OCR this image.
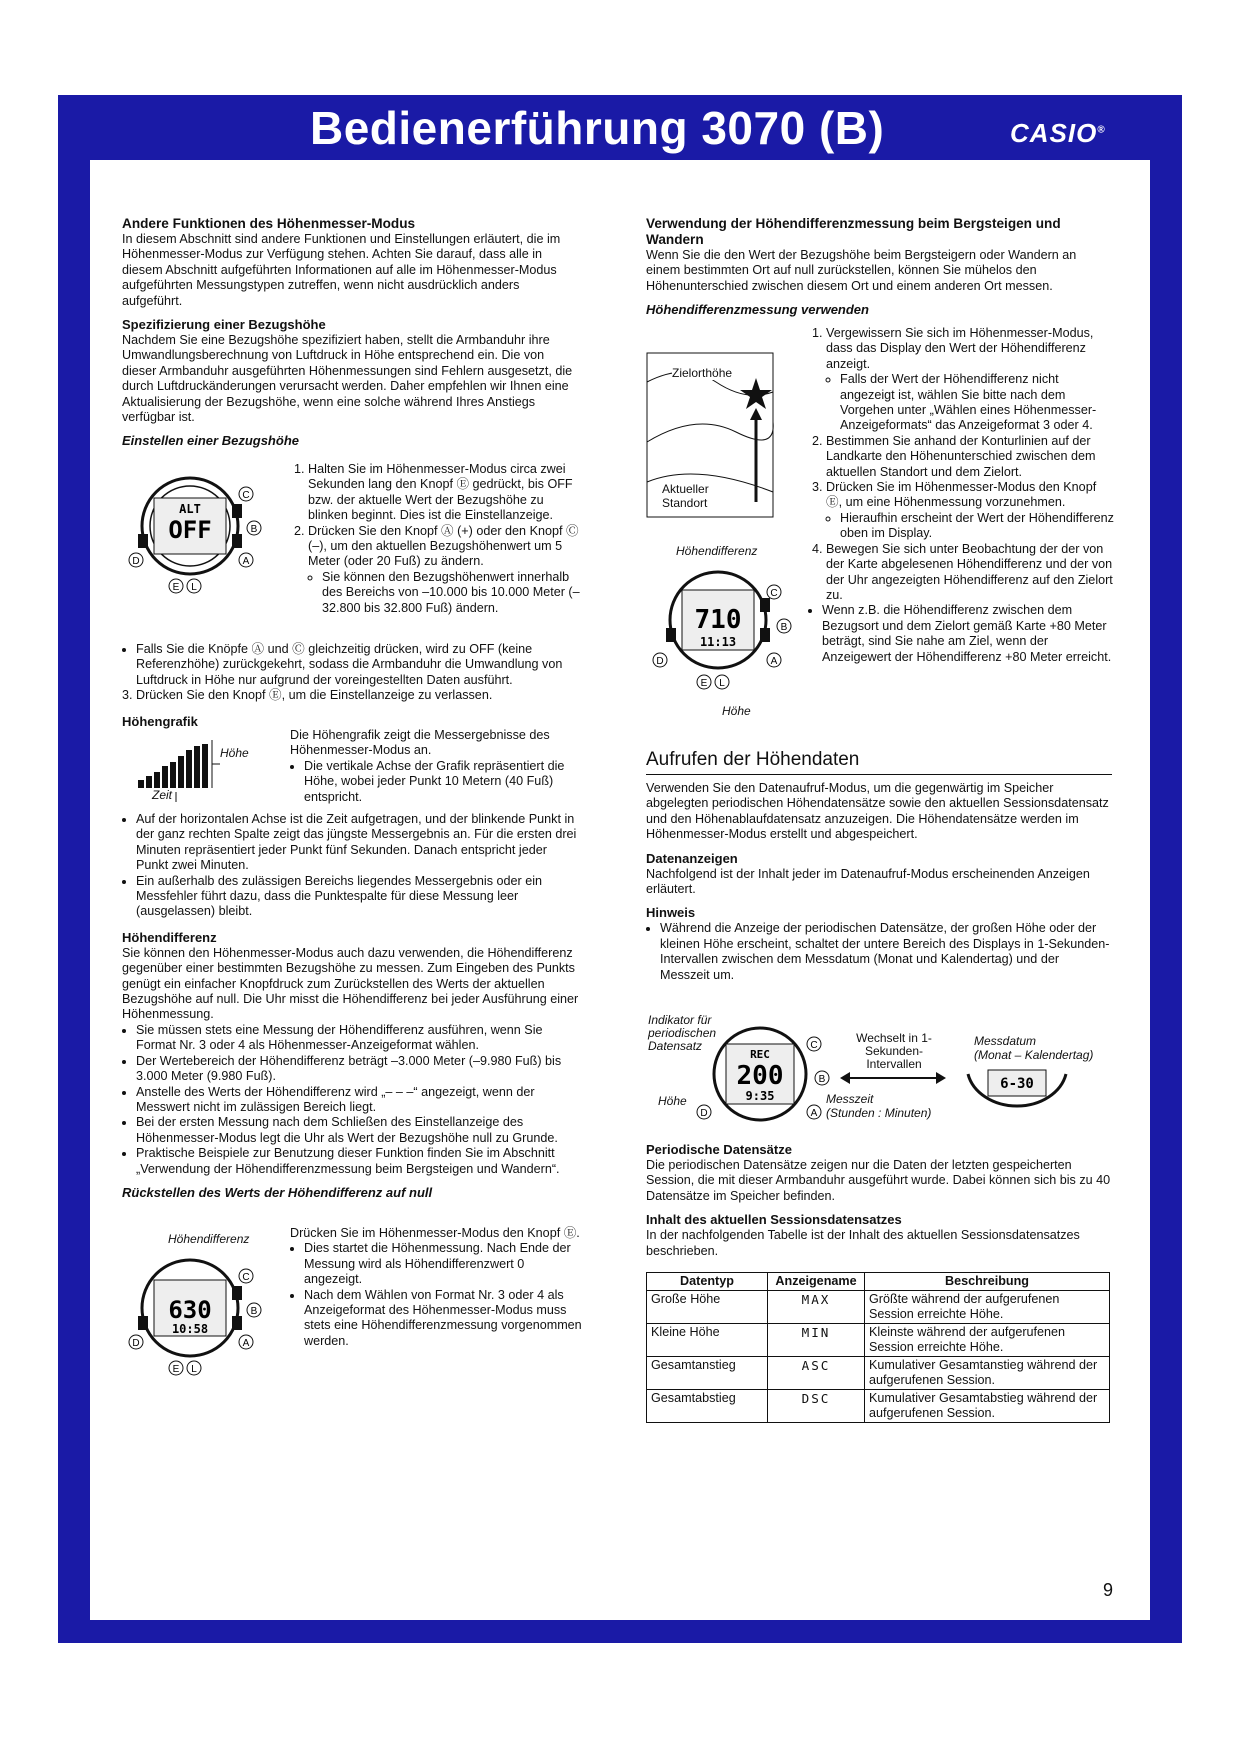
Bedienerführung 3070 (B)	CASIO®
Andere Funktionen des Höhenmesser-Modus

In diesem Abschnitt sind andere Funktionen und Einstellungen erläutert, die im Höhenmesser-Modus zur Verfügung stehen. Achten Sie darauf, dass alle in diesem Abschnitt aufgeführten Informationen auf alle im Höhenmesser-Modus aufgeführten Messungstypen zutreffen, wenn nicht ausdrücklich anders aufgeführt.

Spezifizierung einer Bezugshöhe

Nachdem Sie eine Bezugshöhe spezifiziert haben, stellt die Armbanduhr ihre Umwandlungsberechnung von Luftdruck in Höhe entsprechend ein. Die von dieser Armbanduhr ausgeführten Höhenmessungen sind Fehlern ausgesetzt, die durch Luftdruckänderungen verursacht werden. Daher empfehlen wir Ihnen eine Aktualisierung der Bezugshöhe, wenn eine solche während Ihres Anstiegs verfügbar ist.

Einstellen einer Bezugshöhe
ALT
OFF
C
B
A
D
E L
1. Halten Sie im Höhenmesser-Modus circa zwei Sekunden lang den Knopf Ⓔ gedrückt, bis OFF bzw. der aktuelle Wert der Bezugshöhe zu blinken beginnt. Dies ist die Einstellanzeige.
2. Drücken Sie den Knopf Ⓐ (+) oder den Knopf Ⓒ (–), um den aktuellen Bezugshöhenwert um 5 Meter (oder 20 Fuß) zu ändern.
◦ Sie können den Bezugshöhenwert innerhalb des Bereichs von –10.000 bis 10.000 Meter (–32.800 bis 32.800 Fuß) ändern.
• Falls Sie die Knöpfe Ⓐ und Ⓒ gleichzeitig drücken, wird zu OFF (keine Referenzhöhe) zurückgekehrt, sodass die Armbanduhr die Umwandlung von Luftdruck in Höhe nur aufgrund der voreingestellten Daten ausführt.

3. Drücken Sie den Knopf Ⓔ, um die Einstellanzeige zu verlassen.

Höhengrafik
Höhe
Zeit

Die Höhengrafik zeigt die Messergebnisse des Höhenmesser-Modus an.

• Die vertikale Achse der Grafik repräsentiert die Höhe, wobei jeder Punkt 10 Metern (40 Fuß) entspricht.
• Auf der horizontalen Achse ist die Zeit aufgetragen, und der blinkende Punkt in der ganz rechten Spalte zeigt das jüngste Messergebnis an. Für die ersten drei Minuten repräsentiert jeder Punkt fünf Sekunden. Danach entspricht jeder Punkt zwei Minuten.
• Ein außerhalb des zulässigen Bereichs liegendes Messergebnis oder ein Messfehler führt dazu, dass die Punktespalte für diese Messung leer (ausgelassen) bleibt.
Höhendifferenz

Sie können den Höhenmesser-Modus auch dazu verwenden, die Höhendifferenz gegenüber einer bestimmten Bezugshöhe zu messen. Zum Eingeben des Punkts genügt ein einfacher Knopfdruck zum Zurückstellen des Werts der aktuellen Bezugshöhe auf null. Die Uhr misst die Höhendifferenz bei jeder Ausführung einer Höhenmessung.

• Sie müssen stets eine Messung der Höhendifferenz ausführen, wenn Sie Format Nr. 3 oder 4 als Höhenmesser-Anzeigeformat wählen.
• Der Wertebereich der Höhendifferenz beträgt –3.000 Meter (–9.980 Fuß) bis 3.000 Meter (9.980 Fuß).
• Anstelle des Werts der Höhendifferenz wird „– – –“ angezeigt, wenn der Messwert nicht im zulässigen Bereich liegt.
• Bei der ersten Messung nach dem Schließen des Einstellanzeige des Höhenmesser-Modus legt die Uhr als Wert der Bezugshöhe null zu Grunde.
• Praktische Beispiele zur Benutzung dieser Funktion finden Sie im Abschnitt „Verwendung der Höhendifferenzmessung beim Bergsteigen und Wandern“.
Rückstellen des Werts der Höhendifferenz auf null
Höhendifferenz
630
10:58
C
B
A
D
E L

Drücken Sie im Höhenmesser-Modus den Knopf Ⓔ.

• Dies startet die Höhenmessung. Nach Ende der Messung wird als Höhendifferenzwert 0 angezeigt.
• Nach dem Wählen von Format Nr. 3 oder 4 als Anzeigeformat des Höhenmesser-Modus muss stets eine Höhendifferenzmessung vorgenommen werden.
Verwendung der Höhendifferenzmessung beim Bergsteigen und Wandern

Wenn Sie die den Wert der Bezugshöhe beim Bergsteigern oder Wandern an einem bestimmten Ort auf null zurückstellen, können Sie mühelos den Höhenunterschied zwischen diesem Ort und einem anderen Ort messen.

Höhendifferenzmessung verwenden
Zielorthöhe
Aktueller Standort
Höhendifferenz
710
11:13
C
B
A
D
E L
Höhe
1. Vergewissern Sie sich im Höhenmesser-Modus, dass das Display den Wert der Höhendifferenz anzeigt.
◦ Falls der Wert der Höhendifferenz nicht angezeigt ist, wählen Sie bitte nach dem Vorgehen unter „Wählen eines Höhenmesser-Anzeigeformats“ das Anzeigeformat 3 oder 4.
2. Bestimmen Sie anhand der Konturlinien auf der Landkarte den Höhenunterschied zwischen dem aktuellen Standort und dem Zielort.
3. Drücken Sie im Höhenmesser-Modus den Knopf Ⓔ, um eine Höhenmessung vorzunehmen.
◦ Hieraufhin erscheint der Wert der Höhendifferenz oben im Display.
4. Bewegen Sie sich unter Beobachtung der der von der Karte abgelesenen Höhendifferenz und der von der Uhr angezeigten Höhendifferenz auf den Zielort zu.
• Wenn z.B. die Höhendifferenz zwischen dem Bezugsort und dem Zielort gemäß Karte +80 Meter beträgt, sind Sie nahe am Ziel, wenn der Anzeigewert der Höhendifferenz +80 Meter erreicht.
Aufrufen der Höhendaten

Verwenden Sie den Datenaufruf-Modus, um die gegenwärtig im Speicher abgelegten periodischen Höhendatensätze sowie den aktuellen Sessionsdatensatz und den Höhenablaufdatensatz anzuzeigen. Die Höhendatensätze werden im Höhenmesser-Modus erstellt und abgespeichert.

Datenanzeigen

Nachfolgend ist der Inhalt jeder im Datenaufruf-Modus erscheinenden Anzeigen erläutert.

Hinweis
• Während die Anzeige der periodischen Datensätze, der großen Höhe oder der kleinen Höhe erscheint, schaltet der untere Bereich des Displays in 1-Sekunden-Intervallen zwischen dem Messdatum (Monat und Kalendertag) und der Messzeit um.
Indikator für periodischen Datensatz
REC
200
9:35
C
B
A
D
Höhe
Wechselt in 1-Sekunden-Intervallen
Messdatum
(Monat – Kalendertag)
6-30
Messzeit
(Stunden : Minuten)
Periodische Datensätze

Die periodischen Datensätze zeigen nur die Daten der letzten gespeicherten Session, die mit dieser Armbanduhr ausgeführt wurde. Dabei können sich bis zu 40 Datensätze im Speicher befinden.

Inhalt des aktuellen Sessionsdatensatzes

In der nachfolgenden Tabelle ist der Inhalt des aktuellen Sessionsdatensatzes beschrieben.

Datentyp	Anzeigename	Beschreibung
Große Höhe	MAX	Größte während der aufgerufenen Session erreichte Höhe.
Kleine Höhe	MIN	Kleinste während der aufgerufenen Session erreichte Höhe.
Gesamtanstieg	ASC	Kumulativer Gesamtanstieg während der aufgerufenen Session.
Gesamtabstieg	DSC	Kumulativer Gesamtabstieg während der aufgerufenen Session.
9
